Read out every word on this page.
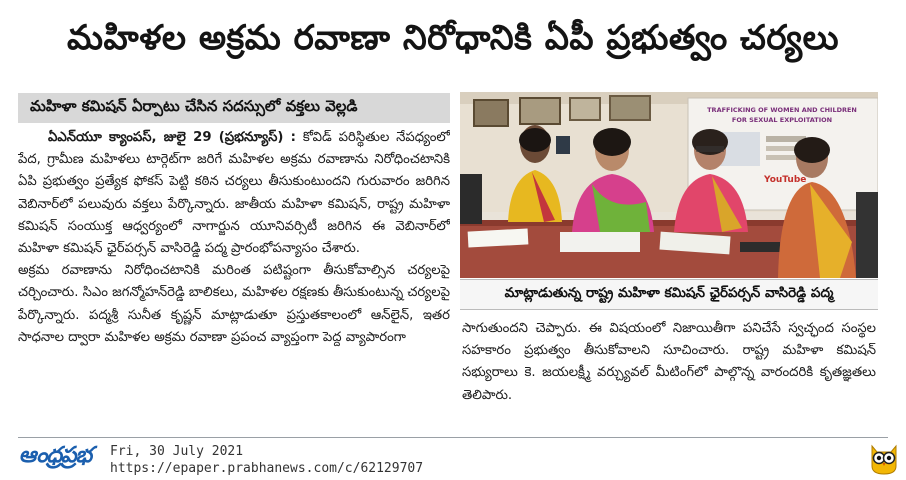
మహిళల అక్రమ రవాణా నిరోధానికి ఏపీ ప్రభుత్వం చర్యలు
మహిళా కమిషన్ ఏర్పాటు చేసిన సదస్సులో వక్తలు వెల్లడి

ఏఎన్‌యూ క్యాంపస్, జులై 29 (ప్రభన్యూస్) : కోవిడ్ పరిస్థితుల నేపధ్యంలో పేద, గ్రామీణ మహిళలు టార్గెట్‌గా జరిగే మహిళల అక్రమ రవాణాను నిరోధించటానికి ఏపి ప్రభుత్వం ప్రత్యేక ఫోకస్ పెట్టి కఠిన చర్యలు తీసుకుంటుందని గురువారం జరిగిన వెబినార్‌లో పలువురు వక్తలు పేర్కొన్నారు. జాతీయ మహిళా కమిషన్, రాష్ట్ర మహిళా కమిషన్ సంయుక్త ఆధ్వర్యంలో నాగార్జున యూనివర్సిటీ జరిగిన ఈ వెబినార్‌లో మహిళా కమిషన్ ఛైర్‌పర్సన్ వాసిరెడ్డి పద్మ ప్రారంభోపన్యాసం చేశారు.

అక్రమ రవాణాను నిరోధించటానికి మరింత పటిష్టంగా తీసుకోవాల్సిన చర్యలపై చర్చించారు. సిఎం జగన్మోహన్‌రెడ్డి బాలికలు, మహిళల రక్షణకు తీసుకుంటున్న చర్యలపై పేర్కొన్నారు. పద్మశ్రీ సునీత కృష్ణన్ మాట్లాడుతూ ప్రస్తుతకాలంలో ఆన్‌లైన్, ఇతర సాధనాల ద్వారా మహిళల అక్రమ రవాణా ప్రపంచ వ్యాప్తంగా పెద్ద వ్యాపారంగా

TRAFFICKING OF WOMEN AND CHILDREN
FOR SEXUAL EXPLOITATION
YouTube
మాట్లాడుతున్న రాష్ట్ర మహిళా కమిషన్ ఛైర్‌పర్సన్ వాసిరెడ్డి పద్మ

సాగుతుందని చెప్పారు. ఈ విషయంలో నిజాయితీగా పనిచేసే స్వచ్ఛంద సంస్థల సహకారం ప్రభుత్వం తీసుకోవాలని సూచించారు. రాష్ట్ర మహిళా కమిషన్ సభ్యురాలు కె. జయలక్ష్మీ వర్చ్యువల్ మీటింగ్‌లో పాల్గొన్న వారందరికి కృతజ్ఞతలు తెలిపారు.

ఆంధ్రప్రభ Fri, 30 July 2021
https://epaper.prabhanews.com/c/62129707
